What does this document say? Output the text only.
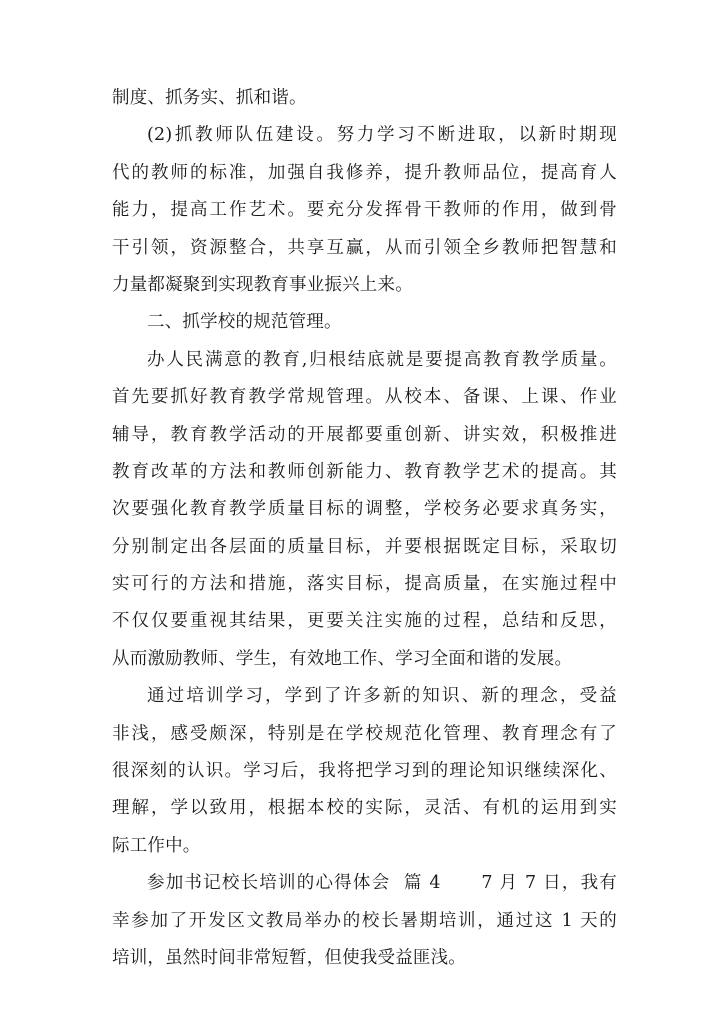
制度、抓务实、抓和谐。
(2)抓教师队伍建设。努力学习不断进取，以新时期现
代的教师的标准，加强自我修养，提升教师品位，提高育人
能力，提高工作艺术。要充分发挥骨干教师的作用，做到骨
干引领，资源整合，共享互赢，从而引领全乡教师把智慧和
力量都凝聚到实现教育事业振兴上来。
二、抓学校的规范管理。
办人民满意的教育,归根结底就是要提高教育教学质量。
首先要抓好教育教学常规管理。从校本、备课、上课、作业
辅导，教育教学活动的开展都要重创新、讲实效，积极推进
教育改革的方法和教师创新能力、教育教学艺术的提高。其
次要强化教育教学质量目标的调整，学校务必要求真务实，
分别制定出各层面的质量目标，并要根据既定目标，采取切
实可行的方法和措施，落实目标，提高质量，在实施过程中
不仅仅要重视其结果，更要关注实施的过程，总结和反思，
从而激励教师、学生，有效地工作、学习全面和谐的发展。
通过培训学习，学到了许多新的知识、新的理念，受益
非浅，感受颇深，特别是在学校规范化管理、教育理念有了
很深刻的认识。学习后，我将把学习到的理论知识继续深化、
理解，学以致用，根据本校的实际，灵活、有机的运用到实
际工作中。
参加书记校长培训的心得体会  篇 4      7 月 7 日，我有
幸参加了开发区文教局举办的校长暑期培训，通过这 1 天的
培训，虽然时间非常短暂，但使我受益匪浅。
